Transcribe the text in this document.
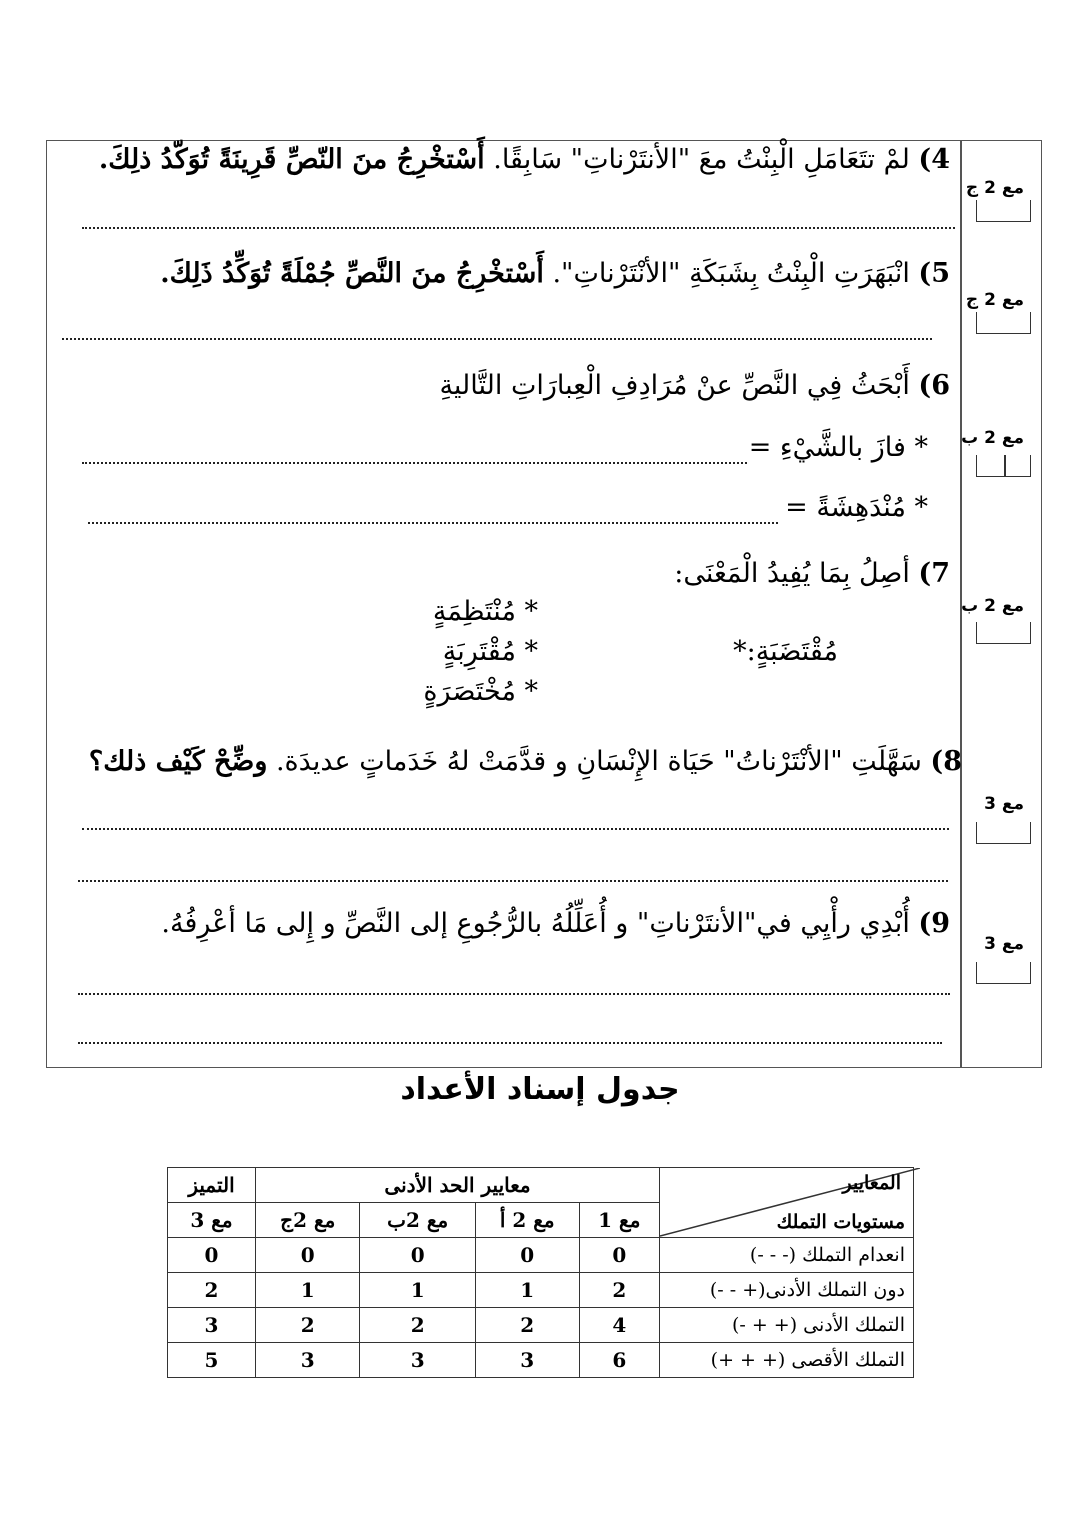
4) لمْ تتَعَامَلِ الْبِنْتُ معَ "الأنتَرْناتِ" سَابِقًا. أَسْتخْرِجُ منَ النّصِّ قَرِينَةً تُوَكّدُ ذلِكَ.
5) انْبَهَرَتِ الْبِنْتُ بِشَبَكَةِ "الأنْتَرْناتِ". أَسْتخْرِجُ منَ النَّصِّ جُمْلَةً تُوَكِّدُ ذَلِكَ.
6) أَبْحَثُ فِي النَّصِّ عنْ مُرَادِفِ الْعِبارَاتِ التَّاليةِ
* فازَ بالشَّيْءِ =
* مُنْدَهِشَةً =
7) أصِلُ بِمَا يُفِيدُ الْمَعْنَى:
مُقْتَضَبَةٍ:*
* مُنْتَظِمَةٍ
* مُقْتَرِبَةٍ
* مُخْتَصَرَةٍ
8) سَهَّلَتِ "الأنْتَرْناتُ" حَيَاة الإِنْسَانِ و قدَّمَتْ لهُ خَدَماتٍ عديدَة. وضِّحْ كَيْف ذلك؟
9) أُبْدِي رأْيِي في"الأنتَرْناتِ" و أُعَلِّلُهُ بالرُّجُوعِ إلى النَّصِّ و إِلى مَا أعْرِفُهُ.
مع 2 ج
مع 2 ج
مع 2 ب
مع 2 ب
مع 3
مع 3
جدول إسناد الأعداد
المعايير
مستويات التملك	معايير الحد الأدنى				التميز
	مع 1	مع 2 أ	مع 2ب	مع 2ج	مع 3
انعدام التملك (- - -)	0	0	0	0	0
دون التملك الأدنى(+ - -)	2	1	1	1	2
التملك الأدنى (+ + -)	4	2	2	2	3
التملك الأقصى (+ + +)	6	3	3	3	5
